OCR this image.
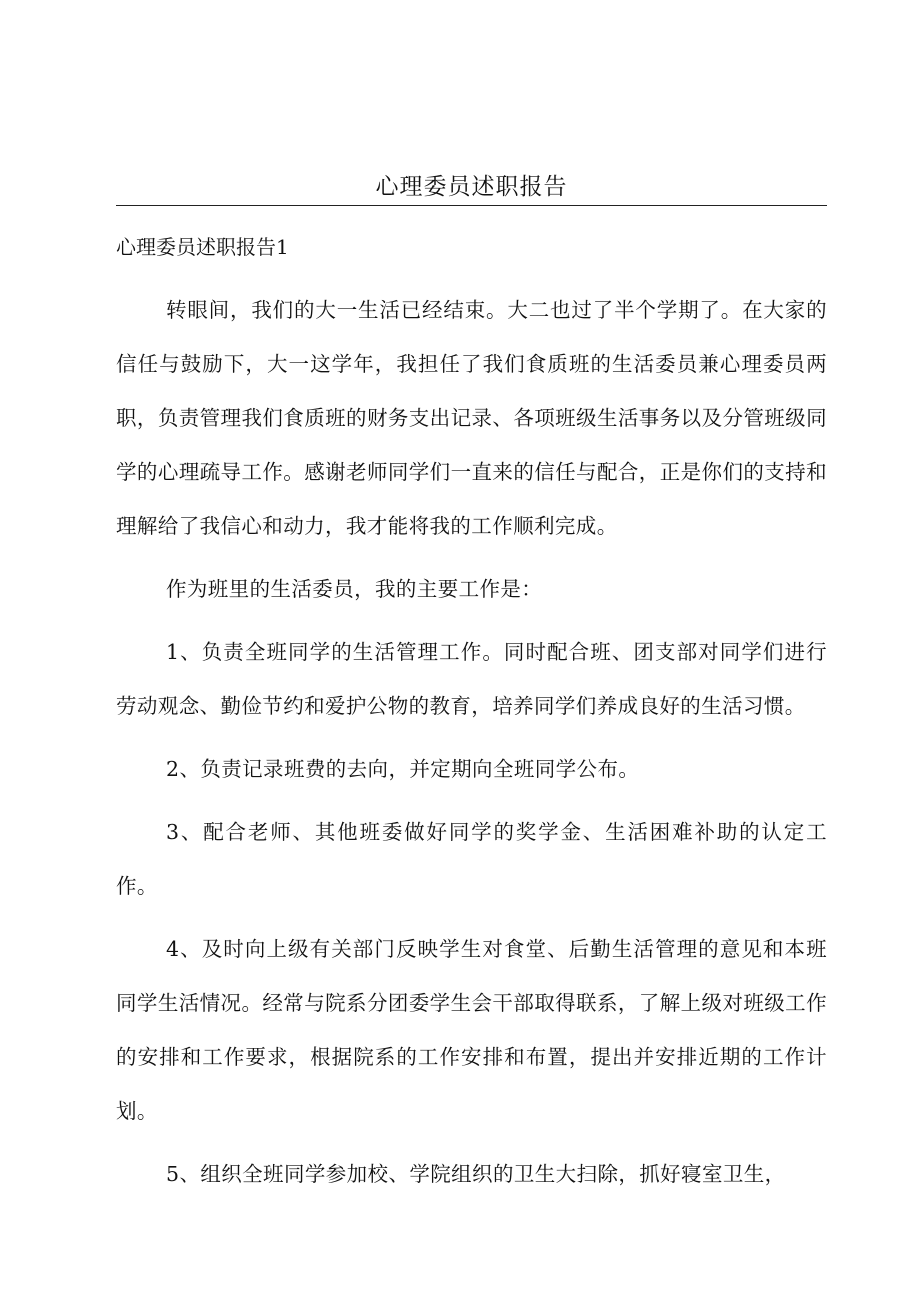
心理委员述职报告
心理委员述职报告1

转眼间，我们的大一生活已经结束。大二也过了半个学期了。在大家的信任与鼓励下，大一这学年，我担任了我们食质班的生活委员兼心理委员两职，负责管理我们食质班的财务支出记录、各项班级生活事务以及分管班级同学的心理疏导工作。感谢老师同学们一直来的信任与配合，正是你们的支持和理解给了我信心和动力，我才能将我的工作顺利完成。

作为班里的生活委员，我的主要工作是：

1、负责全班同学的生活管理工作。同时配合班、团支部对同学们进行劳动观念、勤俭节约和爱护公物的教育，培养同学们养成良好的生活习惯。

2、负责记录班费的去向，并定期向全班同学公布。

3、配合老师、其他班委做好同学的奖学金、生活困难补助的认定工作。

4、及时向上级有关部门反映学生对食堂、后勤生活管理的意见和本班同学生活情况。经常与院系分团委学生会干部取得联系，了解上级对班级工作的安排和工作要求，根据院系的工作安排和布置，提出并安排近期的工作计划。

5、组织全班同学参加校、学院组织的卫生大扫除，抓好寝室卫生，
